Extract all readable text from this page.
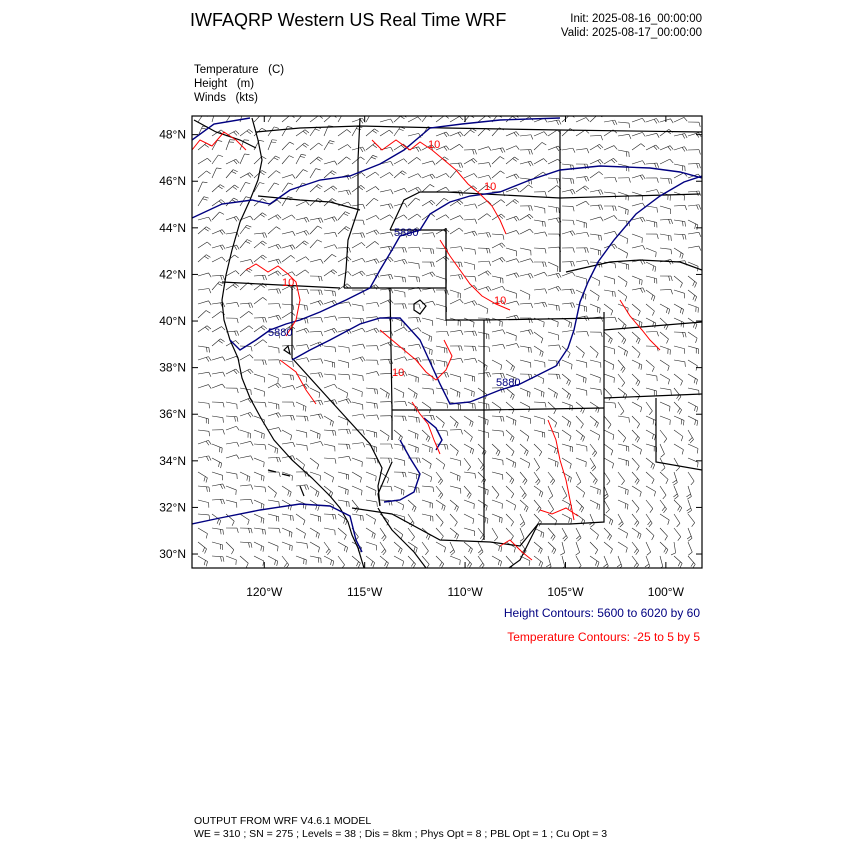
IWFAQRP Western US Real Time WRF	Init: 2025-08-16_00:00:00
Valid: 2025-08-17_00:00:00
Temperature (C)
Height (m)
Winds (kts)
5880
5880
5880
10
10
10
10
10
48°N
46°N
44°N
42°N
40°N
38°N
36°N
34°N
32°N
30°N
120°W	115°W	110°W	105°W	100°W
Height Contours: 5600 to 6020 by 60
Temperature Contours: -25 to 5 by 5
OUTPUT FROM WRF V4.6.1 MODEL
WE = 310 ; SN = 275 ; Levels = 38 ; Dis = 8km ; Phys Opt = 8 ; PBL Opt = 1 ; Cu Opt = 3
